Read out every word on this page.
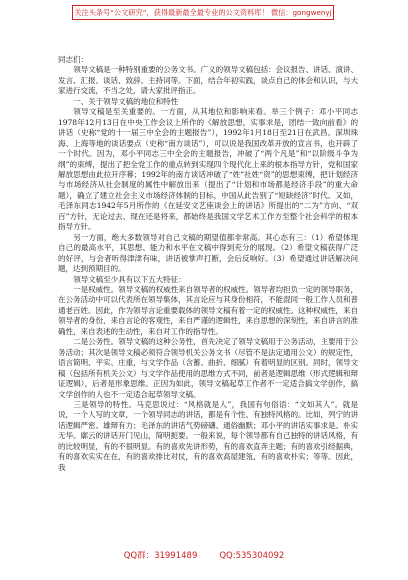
关注头条号“公文研究”，获得最新最全最专业的公文资料库！ 微信：gongwenyj

同志们：

领导文稿是一种特别重要的公务文书。广义的领导文稿包括：会议报告、讲话、演讲、发言、汇报、谈话、致辞、主持词等。下面，结合年初实践，谈点自己的体会和认识，与大家进行交流，不当之处，请大家批评指正。

一、关于领导文稿的地位和特性

领导文稿是至关重要的。一方面，从其地位和影响来看。举三个例子：邓小平同志1978年12月13日在中央工作会议上所作的《解放思想，实事求是，团结一致向前看》的讲话（史称“党的十一届三中全会的主题报告”），1992年1月18日至21日在武昌、深圳珠海、上海等地的谈话要点（史称“南方谈话”），可以说是我国改革开放的宣言书，也开辟了一个时代。因为，邓小平同志三中全会的主题报告，冲破了“两个凡是”和“以阶级斗争为纲”的束缚，提出了把全党工作的重点转到实现四个现代化上来的根本指导方针，党和国家解放思想由此拉开序幕；1992年的南方谈话冲破了“姓”社姓“资”的思想束缚，把计划经济与市场经济从社会制度的属性中解放出来（提出了“计划和市场都是经济手段”的重大命题），确立了建立社会主义市场经济体制的目标，中国从此告别了“短缺经济”时代。又如，毛泽东同志1942年5月所作的《在延安文艺座谈会上的讲话》所提出的“二为”方向、“双百”方针，无论过去、现在还是将来，都始终是我国文学艺术工作方至整个社会科学的根本指导方针。

另一方面，绝大多数领导对自己文稿的期望值都非常高。其心态有三：（1）希望体现自己的最高水平，其思想、能力和水平在文稿中得到充分的展现。（2）希望文稿获得广泛的好评，与会者听得津津有味，讲话被掌声打断，会后反响好。（3）希望通过讲话解决问题，达到预期目的。

领导文稿至少具有以下五大特征：

一是权威性。领导文稿的权威性来自领导者的权威性。领导者均担负一定的领导职务，在公务活动中可以代表所在领导集体，其言论应与其身份相符，不能混同一般工作人员和普通老百姓。因此，作为领导言论重要载体的领导文稿有着一定的权威性。这种权威性，来自领导者的身份，来自言论的客观性，来自严谨的逻辑性，来自思想的深刻性，来自讲言的准确性，来自表述的生动性，来自对工作的指导性。

二是公务性。领导文稿的这种公务性，首先决定了领导文稿用于公务活动，主要用于公务活动；其次是领导文稿必须符合领导机关公务文书（尽管不是法定通用公文）的规定性，语言简明、平实、庄重，与文学作品（含蓄、曲折、细腻）有着明显的区别。同时，领导文稿（包括所有机关公文）与文学作品使用的思维方式不同，前者是逻辑思维（形式逻辑和辩证逻辑），后者是形象思维。正因为如此，领导文稿起草工作者不一定适合搞文学创作，搞文学创作的人也不一定适合起草领导文稿。

三是领导的特性。马克思说过：“风格就是人”，我国有句俗语：“文如其人”。就是说，一个人写的文章，一个领导同志的讲话，都是有个性、有独特风格的。比如，列宁的讲话逻辑严密、雄辩有力；毛泽东的讲话气势磅礴、通俗幽默；邓小平的讲话实事求是、朴实无华。廓云的讲话开门见山，简明扼要。一般来说，每个领导都有自己独特的讲话风格，有的比较明显，有的不很明显。有的喜欢先讲形势，有的喜欢直奔主题；有的喜欢引经据典，有的喜欢实实在在，有的喜欢排比对仗，有的喜欢高屋建瓴，有的喜欢朴实；等等。因此，我

QQ群：31991489	QQ:535304092
